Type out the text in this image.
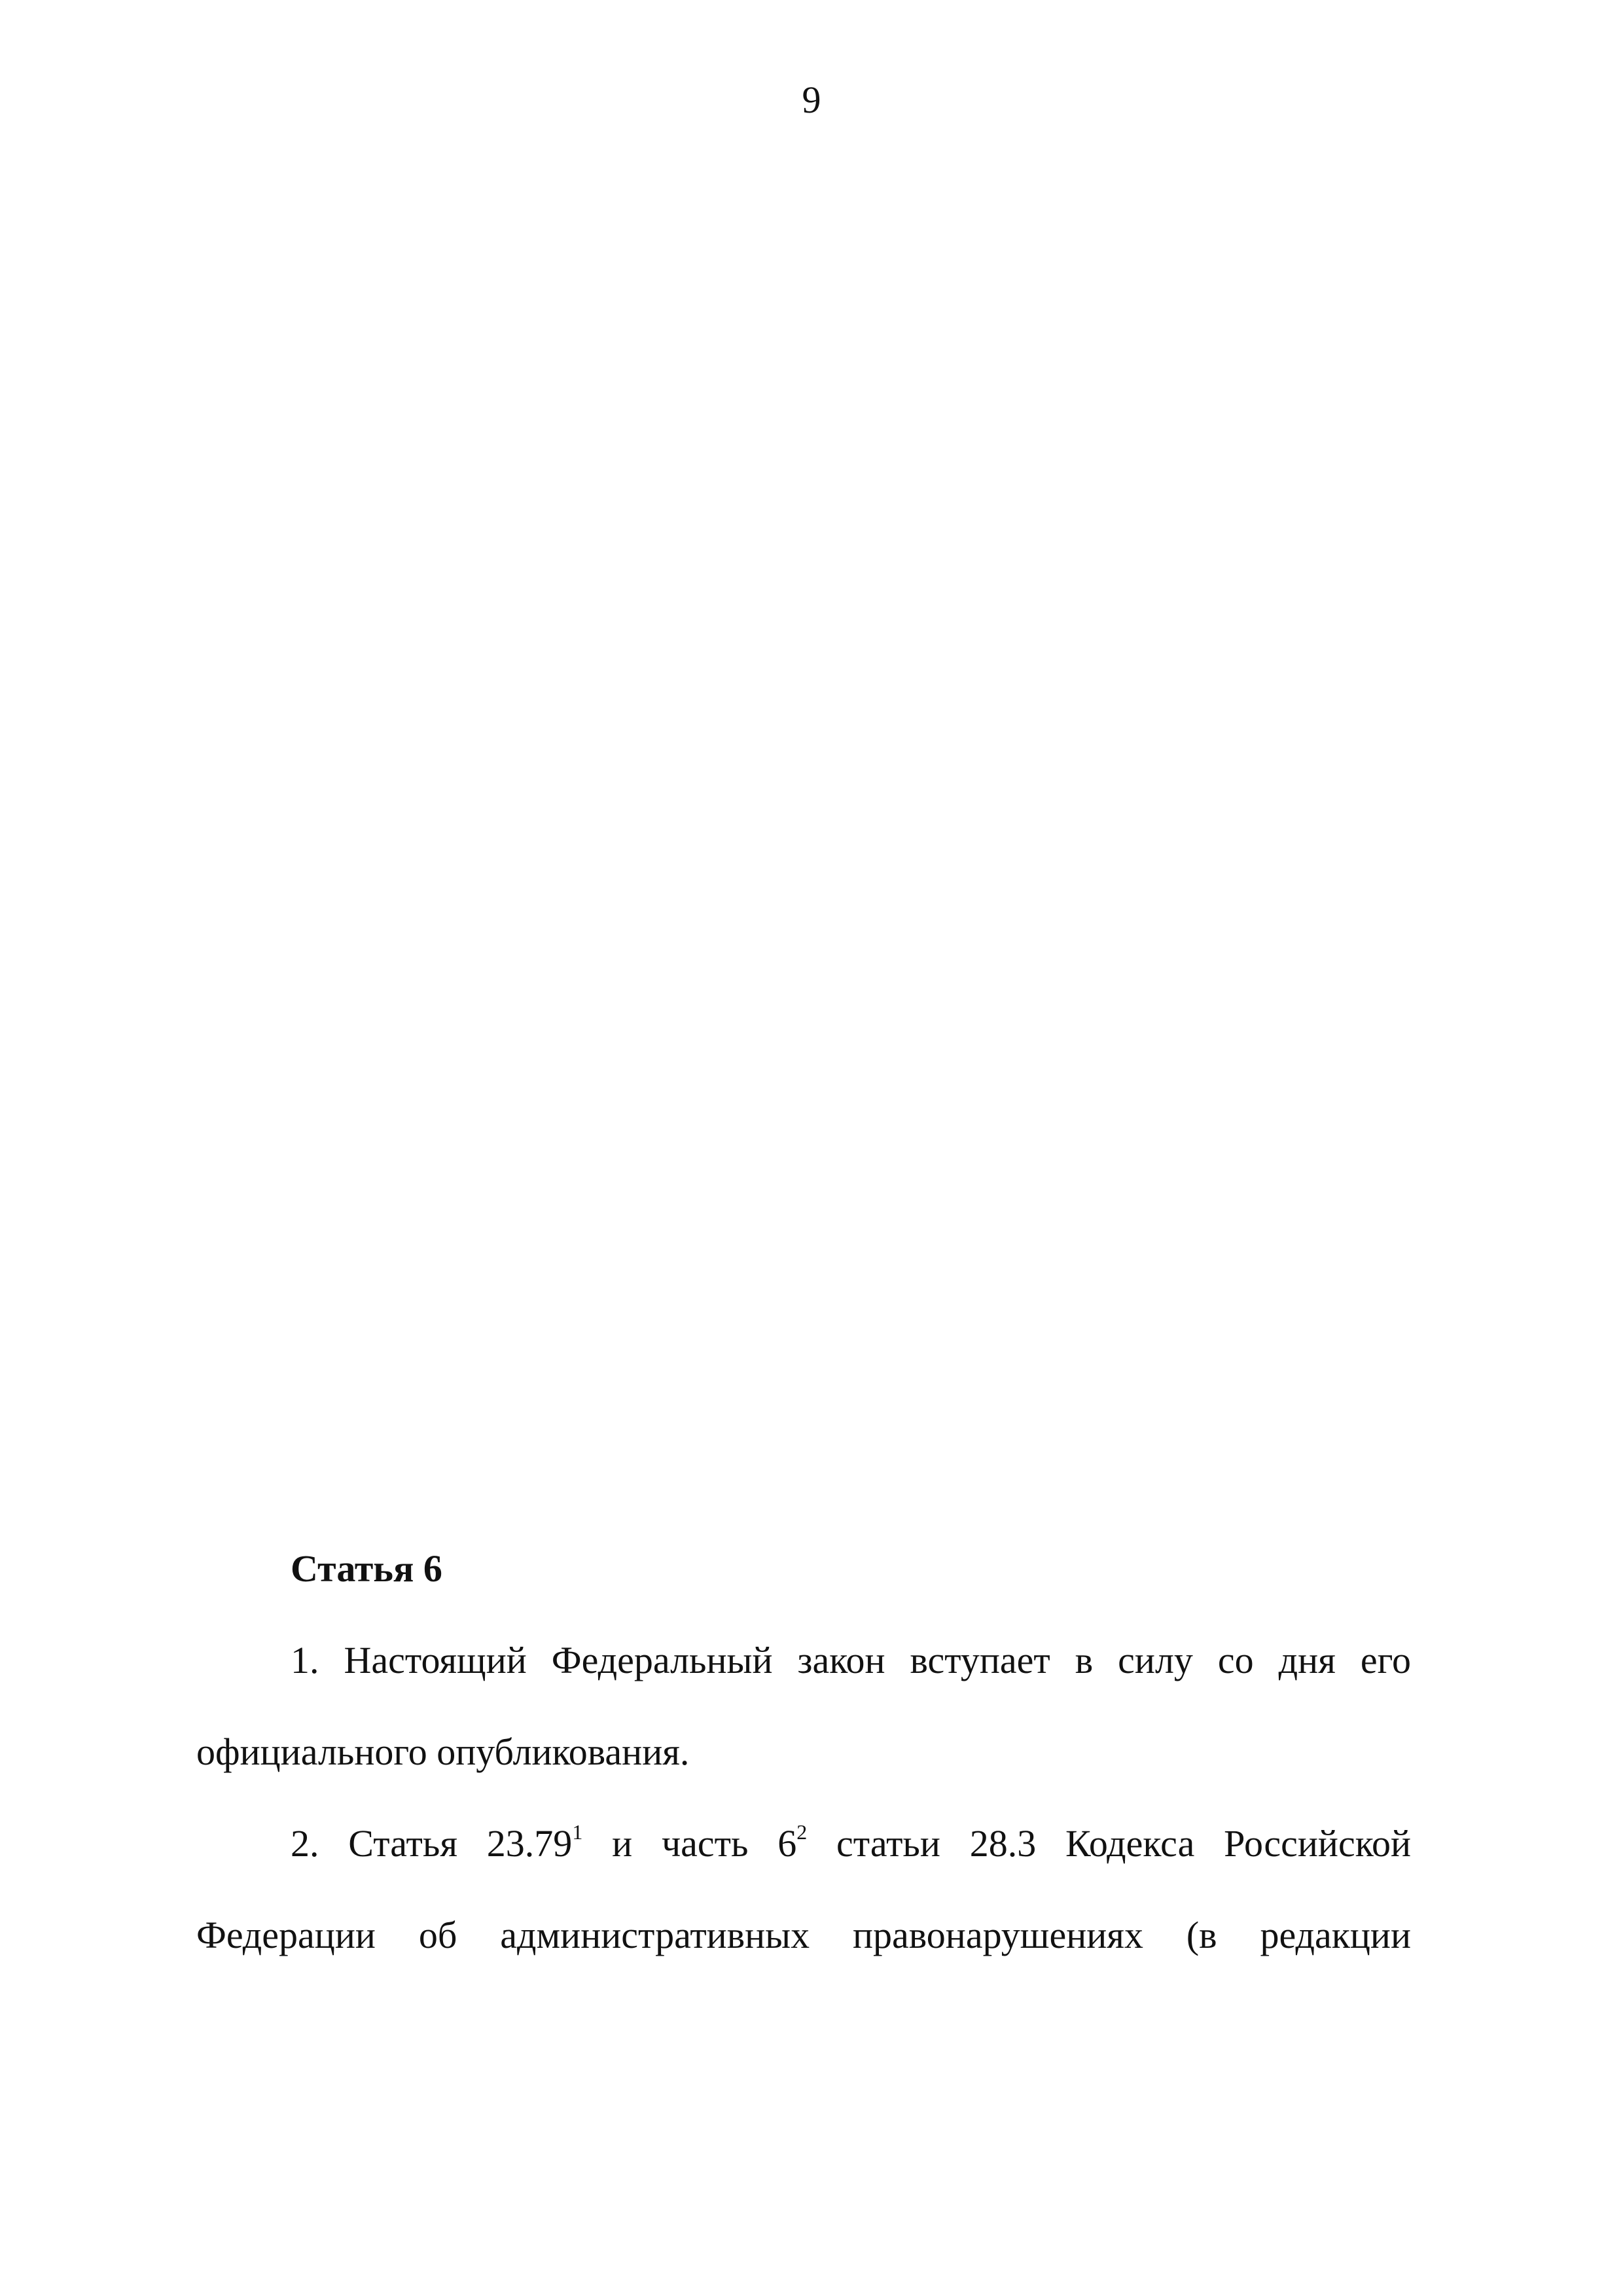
9
Статья 6
1. Настоящий Федеральный закон вступает в силу со дня его
официального опубликования.
2. Статья 23.79$^1$ и часть $6^2$ статьи 28.3 Кодекса Российской
Федерации об административных правонарушениях (в редакции
